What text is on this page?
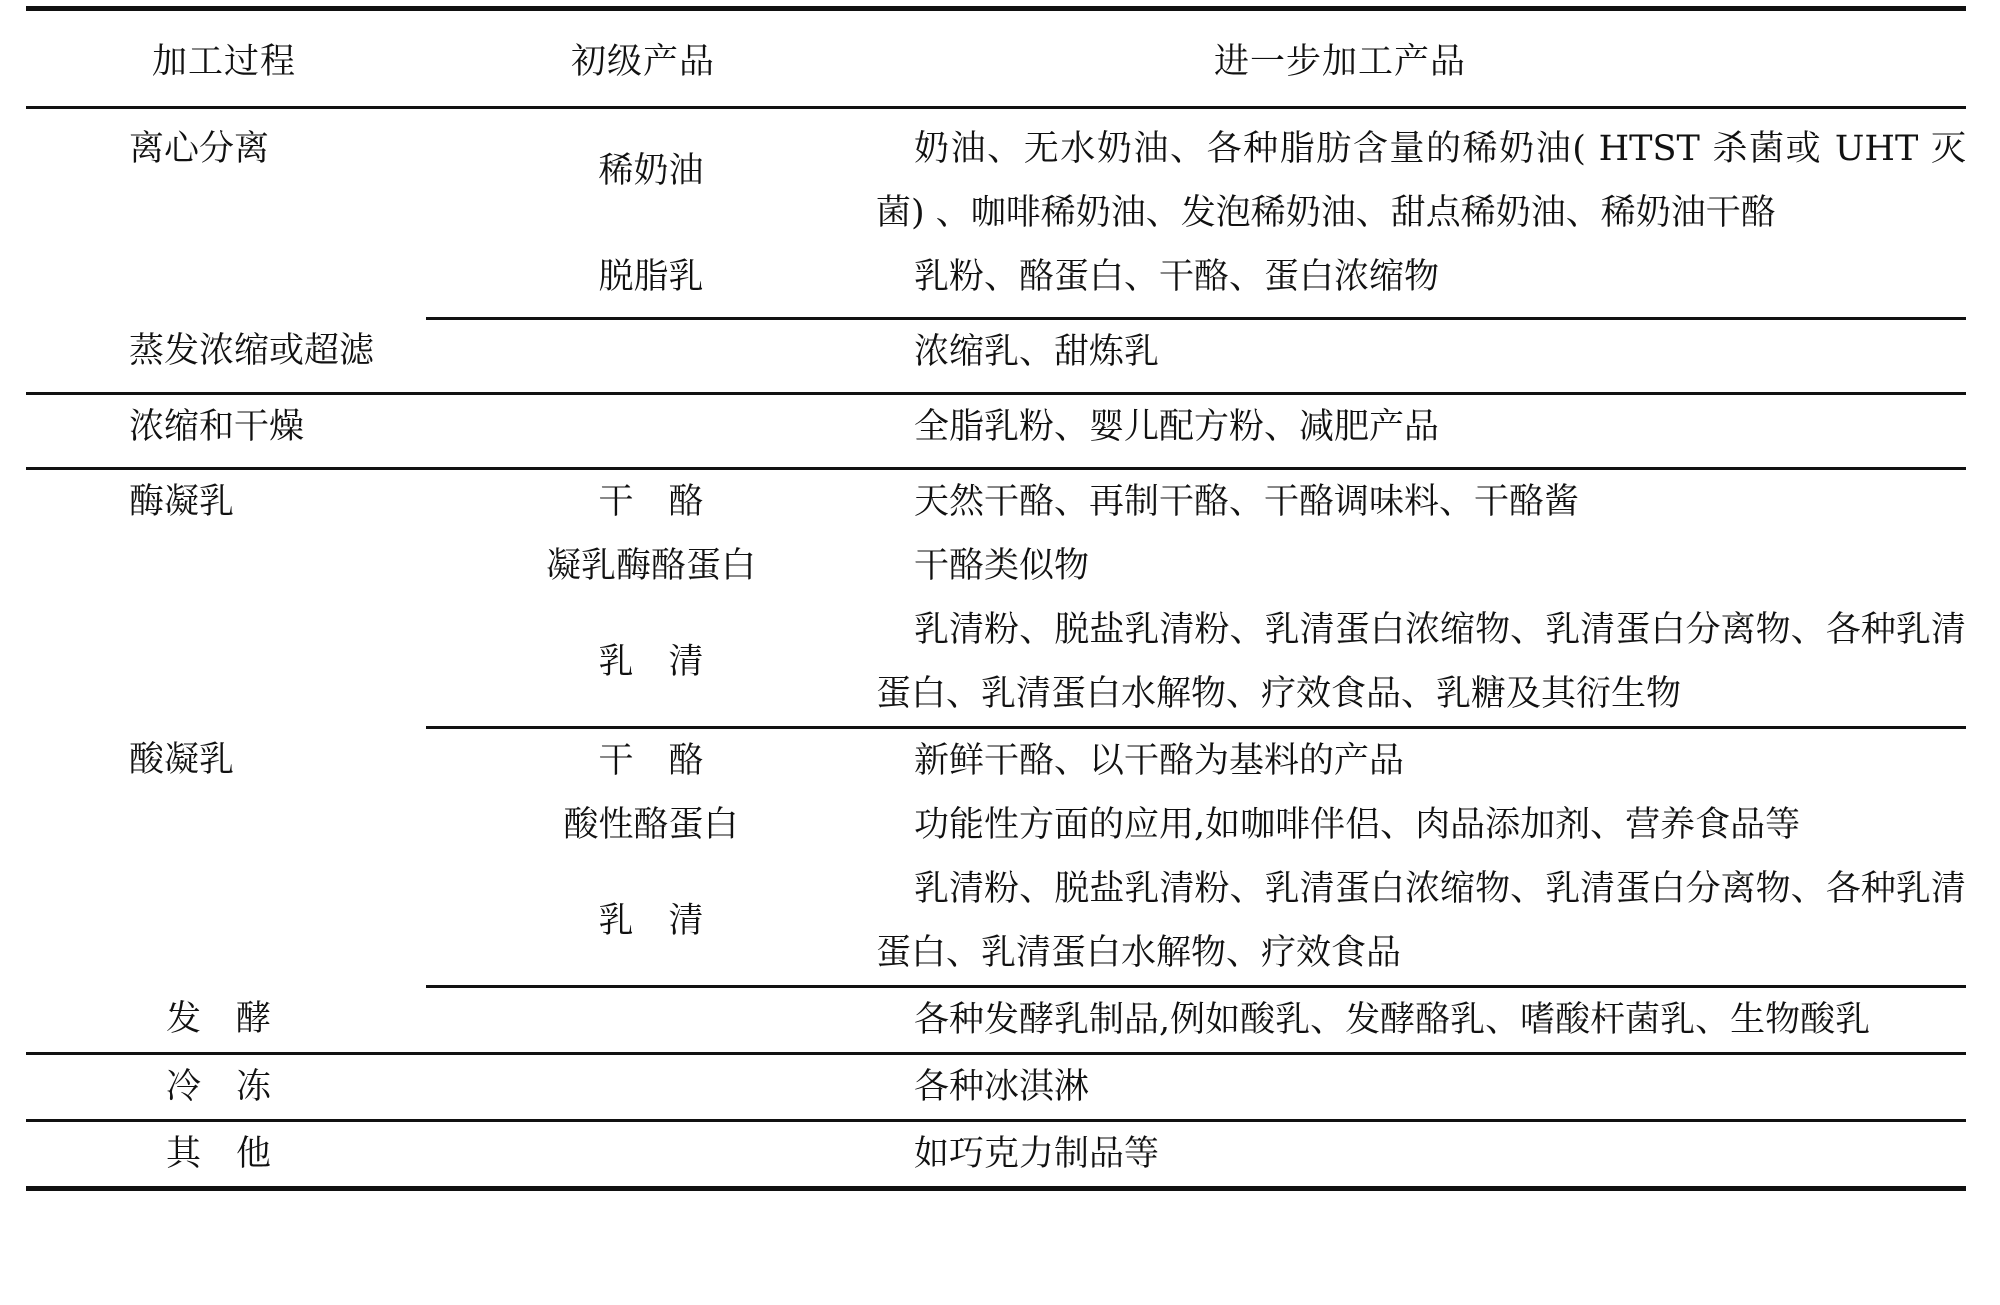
加工过程	初级产品	进一步加工产品
离心分离	稀奶油	奶油、无水奶油、各种脂肪含量的稀奶油( HTST 杀菌或 UHT 灭菌) 、咖啡稀奶油、发泡稀奶油、甜点稀奶油、稀奶油干酪

	脱脂乳	乳粉、酪蛋白、干酪、蛋白浓缩物
蒸发浓缩或超滤		浓缩乳、甜炼乳
浓缩和干燥		全脂乳粉、婴儿配方粉、减肥产品
酶凝乳	干　酪	天然干酪、再制干酪、干酪调味料、干酪酱

	凝乳酶酪蛋白	干酪类似物

	乳　清	乳清粉、脱盐乳清粉、乳清蛋白浓缩物、乳清蛋白分离物、各种乳清蛋白、乳清蛋白水解物、疗效食品、乳糖及其衍生物
酸凝乳	干　酪	新鲜干酪、以干酪为基料的产品

	酸性酪蛋白	功能性方面的应用,如咖啡伴侣、肉品添加剂、营养食品等

	乳　清	乳清粉、脱盐乳清粉、乳清蛋白浓缩物、乳清蛋白分离物、各种乳清蛋白、乳清蛋白水解物、疗效食品
发　酵		各种发酵乳制品,例如酸乳、发酵酪乳、嗜酸杆菌乳、生物酸乳
冷　冻		各种冰淇淋
其　他		如巧克力制品等
